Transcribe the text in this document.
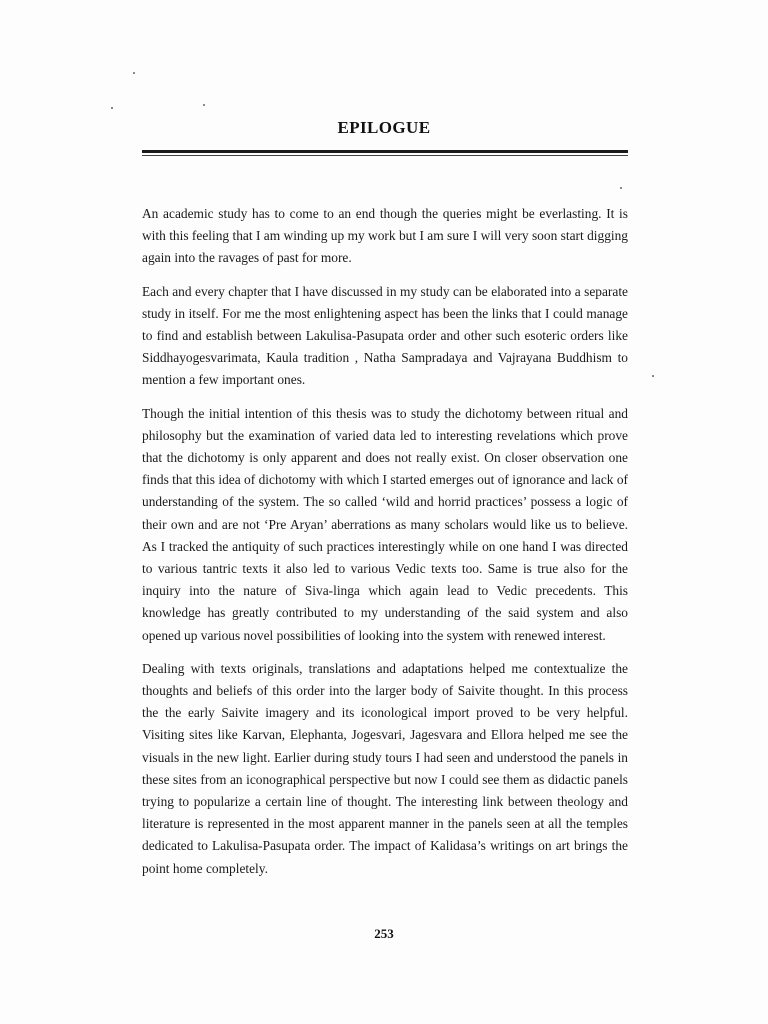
EPILOGUE

An academic study has to come to an end though the queries might be everlasting. It is with this feeling that I am winding up my work but I am sure I will very soon start digging again into the ravages of past for more.

Each and every chapter that I have discussed in my study can be elaborated into a separate study in itself. For me the most enlightening aspect has been the links that I could manage to find and establish between Lakulisa-Pasupata order and other such esoteric orders like Siddhayogesvarimata, Kaula tradition , Natha Sampradaya and Vajrayana Buddhism to mention a few important ones.

Though the initial intention of this thesis was to study the dichotomy between ritual and philosophy but the examination of varied data led to interesting revelations which prove that the dichotomy is only apparent and does not really exist. On closer observation one finds that this idea of dichotomy with which I started emerges out of ignorance and lack of understanding of the system. The so called ‘wild and horrid practices’ possess a logic of their own and are not ‘Pre Aryan’ aberrations as many scholars would like us to believe. As I tracked the antiquity of such practices interestingly while on one hand I was directed to various tantric texts it also led to various Vedic texts too. Same is true also for the inquiry into the nature of Siva-linga which again lead to Vedic precedents. This knowledge has greatly contributed to my understanding of the said system and also opened up various novel possibilities of looking into the system with renewed interest.

Dealing with texts originals, translations and adaptations helped me contextualize the thoughts and beliefs of this order into the larger body of Saivite thought. In this process the the early Saivite imagery and its iconological import proved to be very helpful. Visiting sites like Karvan, Elephanta, Jogesvari, Jagesvara and Ellora helped me see the visuals in the new light. Earlier during study tours I had seen and understood the panels in these sites from an iconographical perspective but now I could see them as didactic panels trying to popularize a certain line of thought. The interesting link between theology and literature is represented in the most apparent manner in the panels seen at all the temples dedicated to Lakulisa-Pasupata order. The impact of Kalidasa’s writings on art brings the point home completely.

253
